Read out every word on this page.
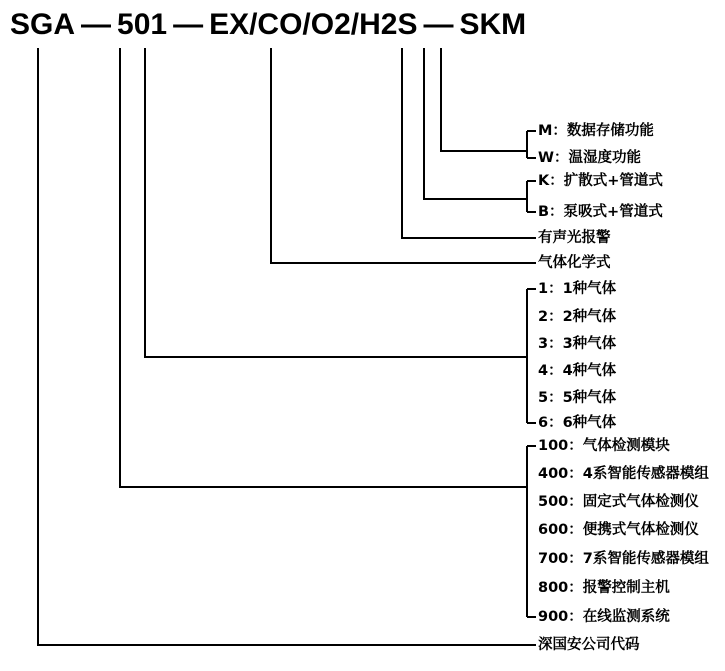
SGA — 501 — EX/CO/O2/H2S — S K M
M：数据存储功能
W：温湿度功能
K：扩散式+管道式
B：泵吸式+管道式
有声光报警
气体化学式
1：1种气体
2：2种气体
3：3种气体
4：4种气体
5：5种气体
6：6种气体
100：气体检测模块
400：4系智能传感器模组
500：固定式气体检测仪
600：便携式气体检测仪
700：7系智能传感器模组
800：报警控制主机
900：在线监测系统
深国安公司代码
